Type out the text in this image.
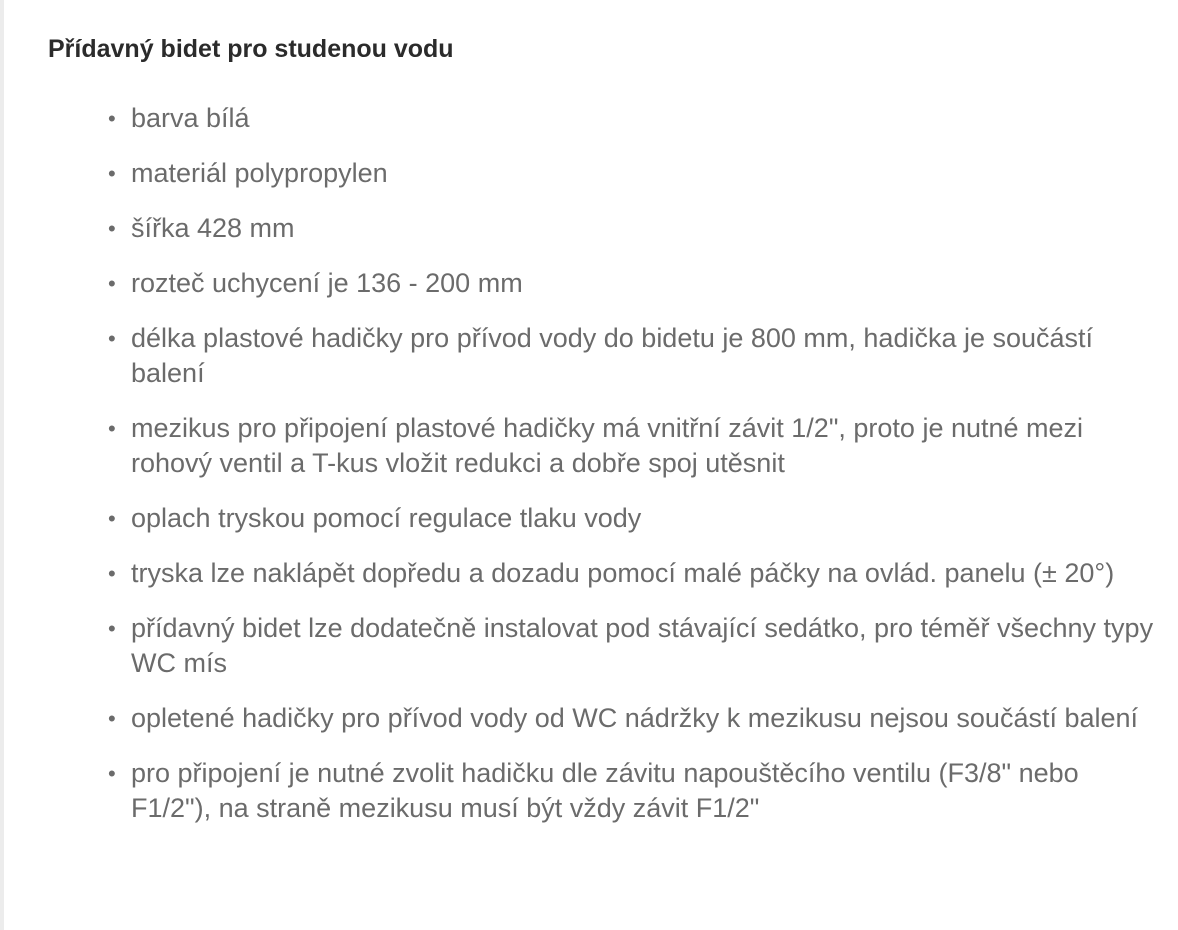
Přídavný bidet pro studenou vodu
• barva bílá
• materiál polypropylen
• šířka 428 mm
• rozteč uchycení je 136 - 200 mm
• délka plastové hadičky pro přívod vody do bidetu je 800 mm, hadička je součástí balení
• mezikus pro připojení plastové hadičky má vnitřní závit 1/2", proto je nutné mezi rohový ventil a T-kus vložit redukci a dobře spoj utěsnit
• oplach tryskou pomocí regulace tlaku vody
• tryska lze naklápět dopředu a dozadu pomocí malé páčky na ovlád. panelu (± 20°)
• přídavný bidet lze dodatečně instalovat pod stávající sedátko, pro téměř všechny typy WC mís
• opletené hadičky pro přívod vody od WC nádržky k mezikusu nejsou součástí balení
• pro připojení je nutné zvolit hadičku dle závitu napouštěcího ventilu (F3/8" nebo F1/2"), na straně mezikusu musí být vždy závit F1/2"
